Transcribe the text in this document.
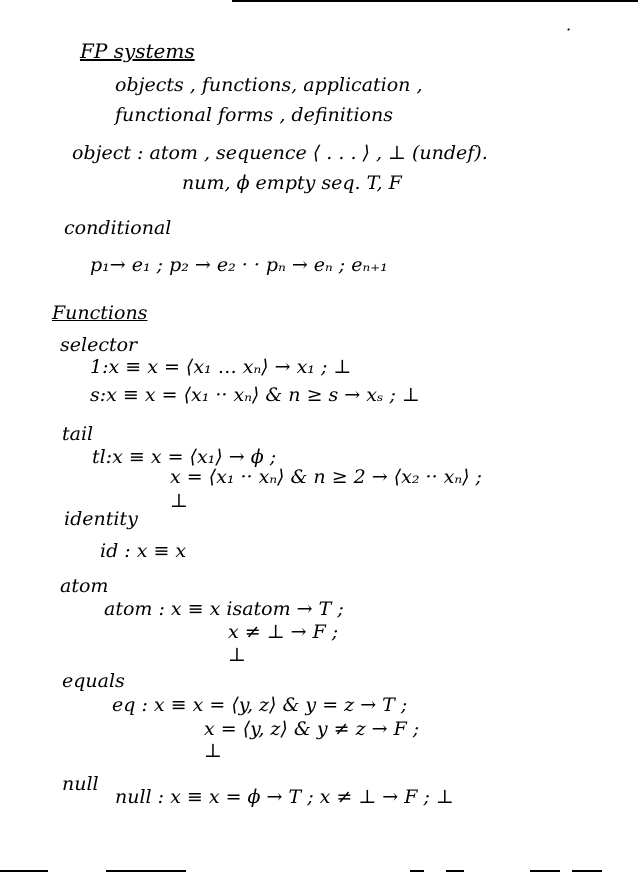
·
FP systems
objects , functions, application ,
functional forms , definitions
object : atom , sequence ⟨ . . . ⟩ , ⊥ (undef).
num, ϕ empty seq. T, F
conditional
p₁→ e₁ ; p₂ → e₂ · · pₙ → eₙ ; eₙ₊₁
Functions
selector
1:x ≡ x = ⟨x₁ … xₙ⟩ → x₁ ; ⊥
s:x ≡ x = ⟨x₁ ·· xₙ⟩ & n ≥ s → xₛ ; ⊥
tail
tl:x ≡ x = ⟨x₁⟩ → ϕ ;
x = ⟨x₁ ·· xₙ⟩ & n ≥ 2 → ⟨x₂ ·· xₙ⟩ ;
⊥
identity
id : x ≡ x
atom
atom : x ≡ x isatom → T ;
x ≠ ⊥ → F ;
⊥
equals
eq : x ≡ x = ⟨y, z⟩ & y = z → T ;
x = ⟨y, z⟩ & y ≠ z → F ;
⊥
null
null : x ≡ x = ϕ → T ; x ≠ ⊥ → F ; ⊥
